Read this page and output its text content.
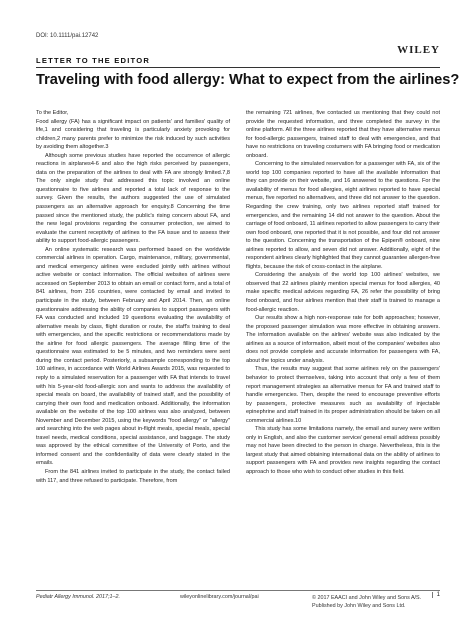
DOI: 10.1111/pai.12742
LETTER TO THE EDITOR
WILEY
Traveling with food allergy: What to expect from the airlines?

To the Editor,

Food allergy (FA) has a significant impact on patients' and families' quality of life,1 and considering that traveling is particularly anxiety provoking for children,2 many parents prefer to minimize the risk induced by such activities by avoiding them altogether.3

Although some previous studies have reported the occurrence of allergic reactions in airplanes4-6 and also the high risks perceived by passengers, data on the preparation of the airlines to deal with FA are strongly limited.7,8 The only single study that addressed this topic involved an online questionnaire to five airlines and reported a total lack of response to the survey. Given the results, the authors suggested the use of simulated passengers as an alternative approach for enquiry.8 Concerning the time passed since the mentioned study, the public's rising concern about FA, and the new legal provisions regarding the consumer protection, we aimed to evaluate the current receptivity of airlines to the FA issue and to assess their ability to support food-allergic passengers.

An online systematic research was performed based on the worldwide commercial airlines in operation. Cargo, maintenance, military, governmental, and medical emergency airlines were excluded jointly with airlines without active website or contact information. The official websites of airlines were accessed on September 2013 to obtain an email or contact form, and a total of 841 airlines, from 216 countries, were contacted by email and invited to participate in the study, between February and April 2014. Then, an online questionnaire addressing the ability of companies to support passengers with FA was conducted and included 19 questions evaluating the availability of alternative meals by class, flight duration or route, the staff's training to deal with emergencies, and the specific restrictions or recommendations made by the airline for food allergic passengers. The average filling time of the questionnaire was estimated to be 5 minutes, and two reminders were sent during the contact period. Posteriorly, a subsample corresponding to the top 100 airlines, in accordance with World Airlines Awards 2015, was requested to reply to a simulated reservation for a passenger with FA that intends to travel with his 5-year-old food-allergic son and wants to address the availability of special meals on board, the availability of trained staff, and the possibility of carrying their own food and medication onboard. Additionally, the information available on the website of the top 100 airlines was also analyzed, between November and December 2015, using the keywords "food allergy" or "allergy" and searching into the web pages about in-flight meals, special meals, special travel needs, medical conditions, special assistance, and baggage. The study was approved by the ethical committee of the University of Porto, and the informed consent and the confidentiality of data were clearly stated in the emails.

From the 841 airlines invited to participate in the study, the contact failed with 117, and three refused to participate. Therefore, from

the remaining 721 airlines, five contacted us mentioning that they could not provide the requested information, and three completed the survey in the online platform. All the three airlines reported that they have alternative menus for food-allergic passengers, trained staff to deal with emergencies, and that have no restrictions on traveling costumers with FA bringing food or medication onboard.

Concerning to the simulated reservation for a passenger with FA, six of the world top 100 companies reported to have all the available information that they can provide on their website, and 16 answered to the questions. For the availability of menus for food allergies, eight airlines reported to have special menus, five reported no alternatives, and three did not answer to the question. Regarding the crew training, only two airlines reported staff trained for emergencies, and the remaining 14 did not answer to the question. About the carriage of food onboard, 11 airlines reported to allow passengers to carry their own food onboard, one reported that it is not possible, and four did not answer to the question. Concerning the transportation of the Epipen® onboard, nine airlines reported to allow, and seven did not answer. Additionally, eight of the respondent airlines clearly highlighted that they cannot guarantee allergen-free flights, because the risk of cross-contact in the airplane.

Considering the analysis of the world top 100 airlines' websites, we observed that 22 airlines plainly mention special menus for food allergies, 40 make specific medical advices regarding FA, 26 refer the possibility of bring food onboard, and four airlines mention that their staff is trained to manage a food-allergic reaction.

Our results show a high non-response rate for both approaches; however, the proposed passenger simulation was more effective in obtaining answers. The information available on the airlines' website was also indicated by the airlines as a source of information, albeit most of the companies' websites also does not provide complete and accurate information for passengers with FA, about the topics under analysis.

Thus, the results may suggest that some airlines rely on the passengers' behavior to protect themselves, taking into account that only a few of them report management strategies as alternative menus for FA and trained staff to handle emergencies. Then, despite the need to encourage preventive efforts by passengers, protective measures such as availability of injectable epinephrine and staff trained in its proper administration should be taken on all commercial airlines.10

This study has some limitations namely, the email and survey were written only in English, and also the customer service/ general email address possibly may not have been directed to the person in charge. Nevertheless, this is the largest study that aimed obtaining international data on the ability of airlines to support passengers with FA and provides new insights regarding the contact approach to those who wish to conduct other studies in this field.

Pediatr Allergy Immunol. 2017;1–2.	wileyonlinelibrary.com/journal/pai	© 2017 EAACI and John Wiley and Sons A/S.
Published by John Wiley and Sons Ltd.
1
